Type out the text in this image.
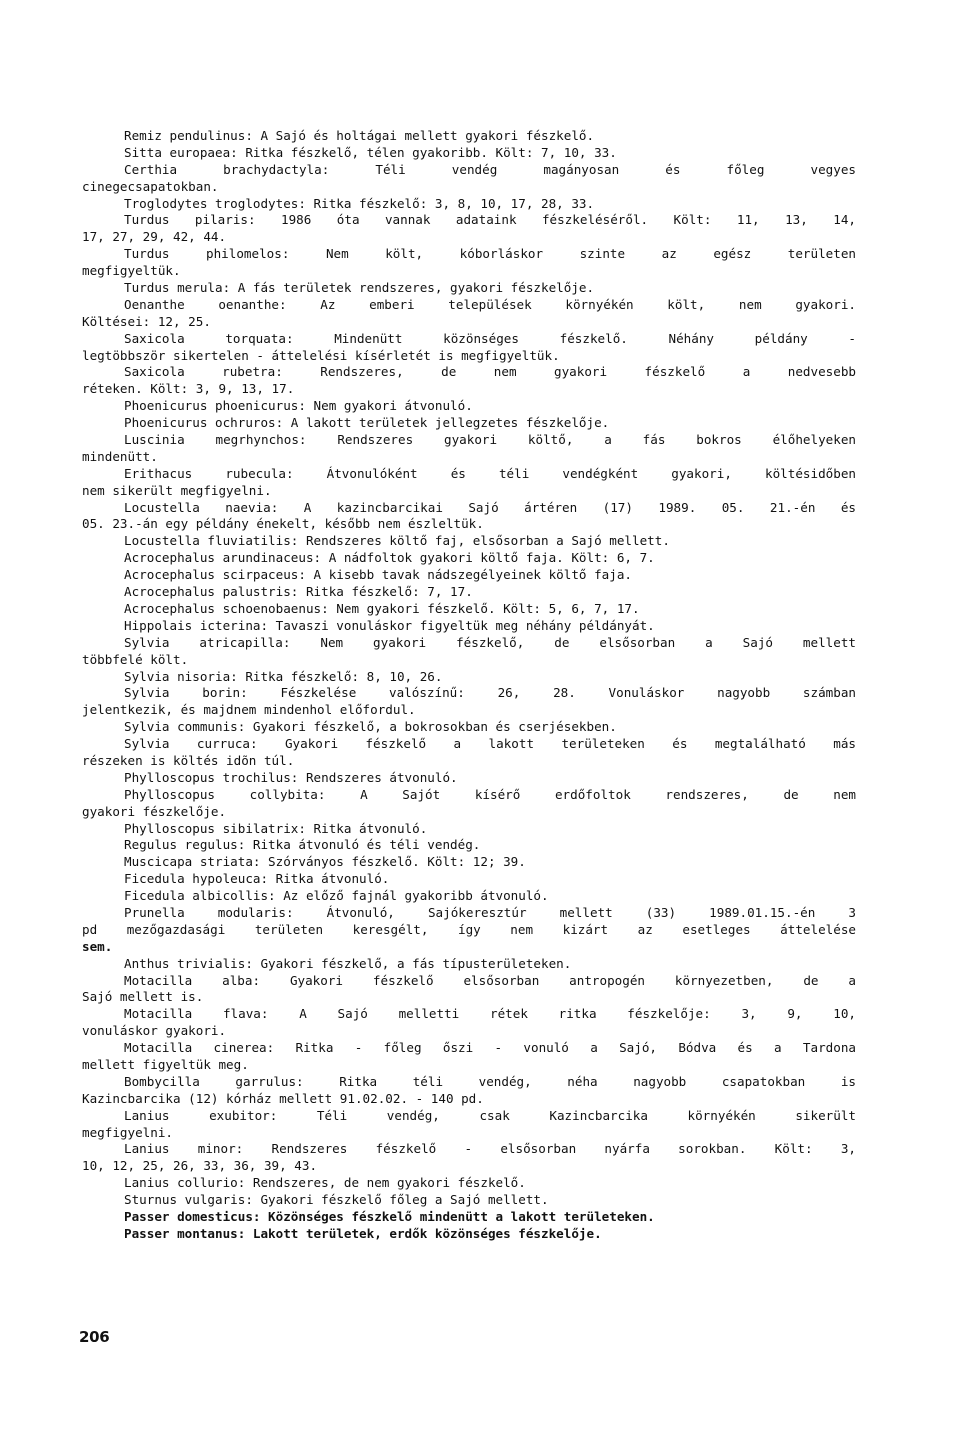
Remiz pendulinus: A Sajó és holtágai mellett gyakori fészkelő.
Sitta europaea: Ritka fészkelő, télen gyakoribb. Költ: 7, 10, 33.
Certhia brachydactyla: Téli vendég magányosan és főleg vegyes
cinegecsapatokban.
Troglodytes troglodytes: Ritka fészkelő: 3, 8, 10, 17, 28, 33.
Turdus pilaris: 1986 óta vannak adataink fészkeléséről. Költ: 11, 13, 14,
17, 27, 29, 42, 44.
Turdus philomelos: Nem költ, kóborláskor szinte az egész területen
megfigyeltük.
Turdus merula: A fás területek rendszeres, gyakori fészkelője.
Oenanthe oenanthe: Az emberi települések környékén költ, nem gyakori.
Költései: 12, 25.
Saxicola torquata: Mindenütt közönséges fészkelő. Néhány példány -
legtöbbször sikertelen - áttelelési kísérletét is megfigyeltük.
Saxicola rubetra: Rendszeres, de nem gyakori fészkelő a nedvesebb
réteken. Költ: 3, 9, 13, 17.
Phoenicurus phoenicurus: Nem gyakori átvonuló.
Phoenicurus ochruros: A lakott területek jellegzetes fészkelője.
Luscinia megrhynchos: Rendszeres gyakori költő, a fás bokros élőhelyeken
mindenütt.
Erithacus rubecula: Átvonulóként és téli vendégként gyakori, költésidőben
nem sikerült megfigyelni.
Locustella naevia: A kazincbarcikai Sajó ártéren (17) 1989. 05. 21.-én és
05. 23.-án egy példány énekelt, később nem észleltük.
Locustella fluviatilis: Rendszeres költő faj, elsősorban a Sajó mellett.
Acrocephalus arundinaceus: A nádfoltok gyakori költő faja. Költ: 6, 7.
Acrocephalus scirpaceus: A kisebb tavak nádszegélyeinek költő faja.
Acrocephalus palustris: Ritka fészkelő: 7, 17.
Acrocephalus schoenobaenus: Nem gyakori fészkelő. Költ: 5, 6, 7, 17.
Hippolais icterina: Tavaszi vonuláskor figyeltük meg néhány példányát.
Sylvia atricapilla: Nem gyakori fészkelő, de elsősorban a Sajó mellett
többfelé költ.
Sylvia nisoria: Ritka fészkelő: 8, 10, 26.
Sylvia borin: Fészkelése valószínű: 26, 28. Vonuláskor nagyobb számban
jelentkezik, és majdnem mindenhol előfordul.
Sylvia communis: Gyakori fészkelő, a bokrosokban és cserjésekben.
Sylvia curruca: Gyakori fészkelő a lakott területeken és megtalálható más
részeken is költés idõn túl.
Phylloscopus trochilus: Rendszeres átvonuló.
Phylloscopus collybita: A Sajót kísérő erdőfoltok rendszeres, de nem
gyakori fészkelője.
Phylloscopus sibilatrix: Ritka átvonuló.
Regulus regulus: Ritka átvonuló és téli vendég.
Muscicapa striata: Szórványos fészkelő. Költ: 12; 39.
Ficedula hypoleuca: Ritka átvonuló.
Ficedula albicollis: Az előző fajnál gyakoribb átvonuló.
Prunella modularis: Átvonuló, Sajókeresztúr mellett (33) 1989.01.15.-én 3
pd mezőgazdasági területen keresgélt, így nem kizárt az esetleges áttelelése
sem.
Anthus trivialis: Gyakori fészkelő, a fás típusterületeken.
Motacilla alba: Gyakori fészkelő elsősorban antropogén környezetben, de a
Sajó mellett is.
Motacilla flava: A Sajó melletti rétek ritka fészkelője: 3, 9, 10,
vonuláskor gyakori.
Motacilla cinerea: Ritka - főleg őszi - vonuló a Sajó, Bódva és a Tardona
mellett figyeltük meg.
Bombycilla garrulus: Ritka téli vendég, néha nagyobb csapatokban is
Kazincbarcika (12) kórház mellett 91.02.02. - 140 pd.
Lanius exubitor: Téli vendég, csak Kazincbarcika környékén sikerült
megfigyelni.
Lanius minor: Rendszeres fészkelő - elsősorban nyárfa sorokban. Költ: 3,
10, 12, 25, 26, 33, 36, 39, 43.
Lanius collurio: Rendszeres, de nem gyakori fészkelő.
Sturnus vulgaris: Gyakori fészkelő főleg a Sajó mellett.
Passer domesticus: Közönséges fészkelő mindenütt a lakott területeken.
Passer montanus: Lakott területek, erdők közönséges fészkelője.
206
